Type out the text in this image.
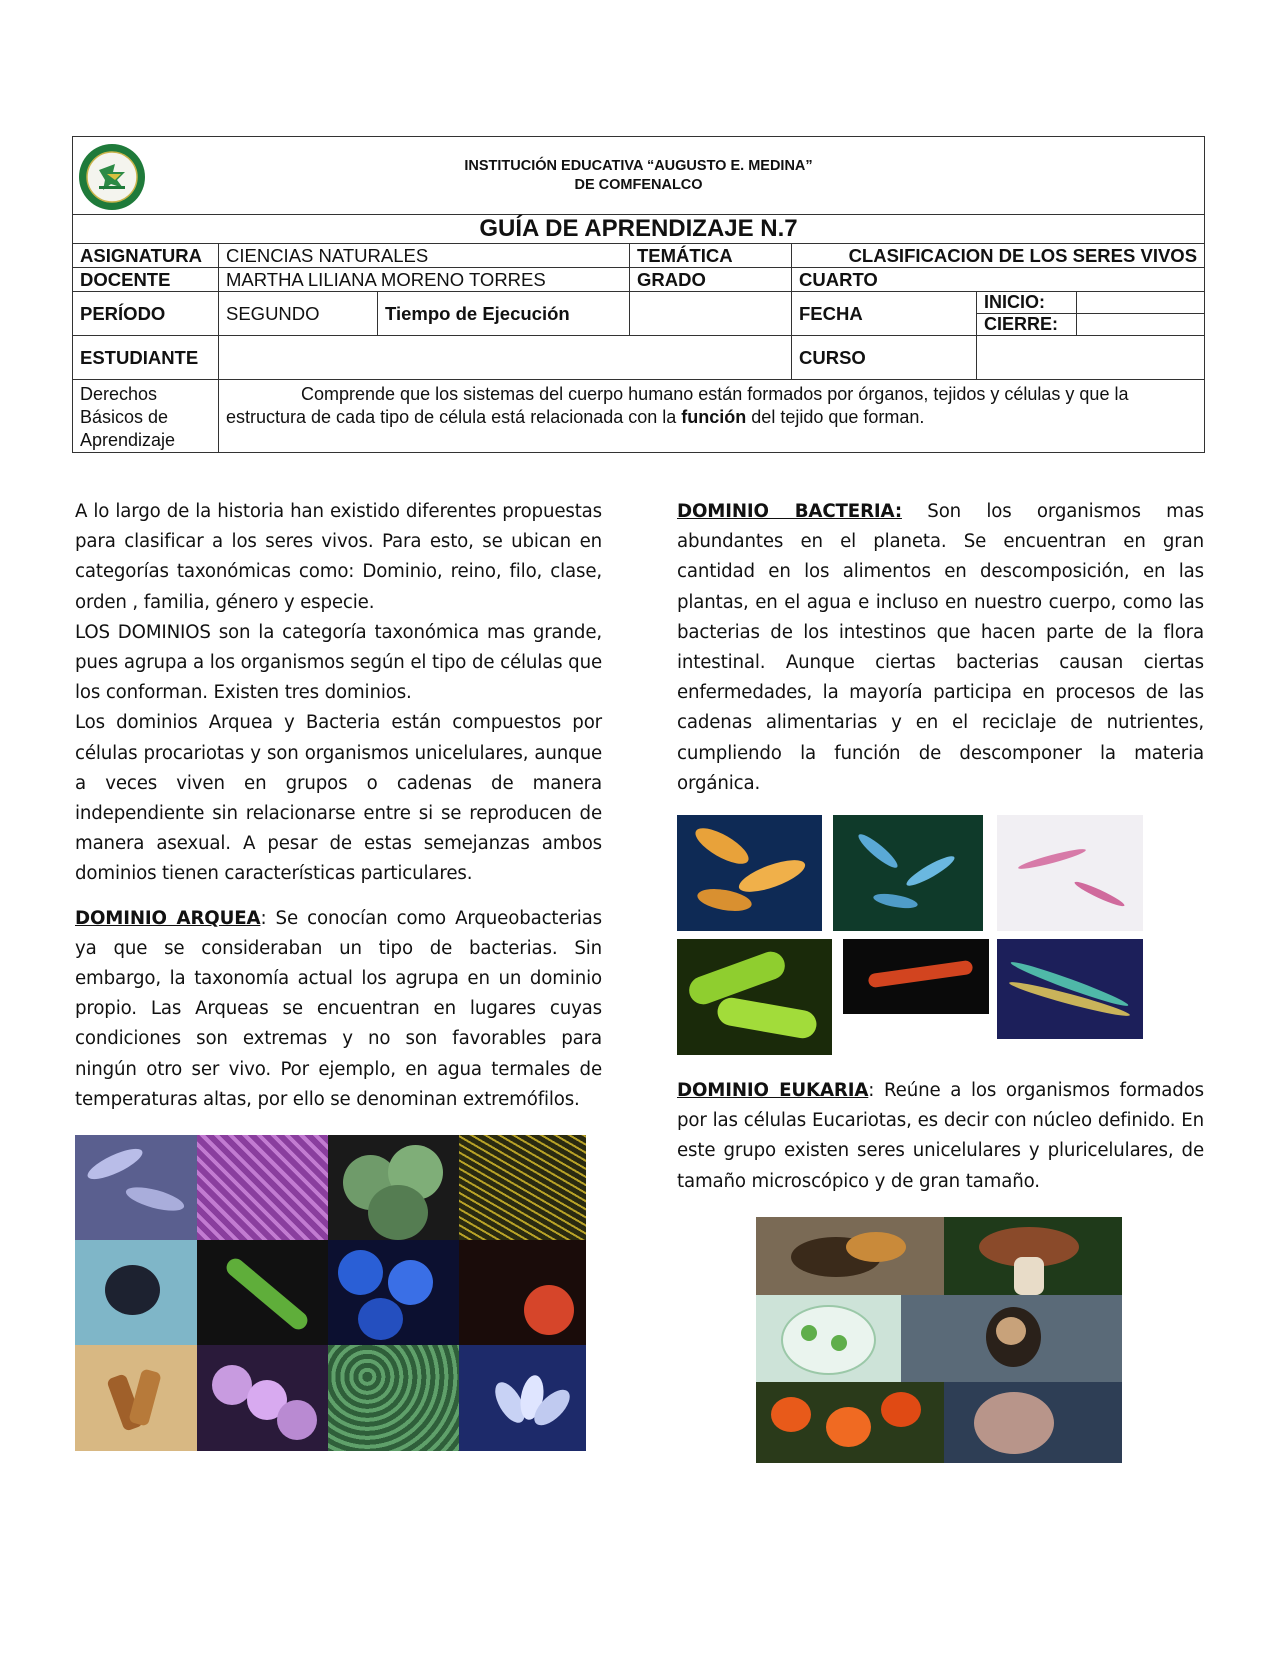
INSTITUCIÓN EDUCATIVA “AUGUSTO E. MEDINA”
DE COMFENALCO						

GUÍA DE APRENDIZAJE N.7						
ASIGNATURA	CIENCIAS NATURALES		TEMÁTICA	CLASIFICACION DE LOS SERES VIVOS		
DOCENTE	MARTHA LILIANA MORENO TORRES		GRADO	CUARTO		
PERÍODO	SEGUNDO	Tiempo de Ejecución		FECHA	INICIO:	
					CIERRE:	
ESTUDIANTE				CURSO		
Derechos Básicos de Aprendizaje	Comprende que los sistemas del cuerpo humano están formados por órganos, tejidos y células y que la estructura de cada tipo de célula está relacionada con la función del tejido que forman.					

A lo largo de la historia han existido diferentes propuestas para clasificar a los seres vivos. Para esto, se ubican en categorías taxonómicas como: Dominio, reino, filo, clase, orden , familia, género y especie.

LOS DOMINIOS son la categoría taxonómica mas grande, pues agrupa a los organismos según el tipo de células que los conforman. Existen tres dominios.

Los dominios Arquea y Bacteria están compuestos por células procariotas y son organismos unicelulares, aunque a veces viven en grupos o cadenas de manera independiente sin relacionarse entre si se reproducen de manera asexual. A pesar de estas semejanzas ambos dominios tienen características particulares.

DOMINIO ARQUEA: Se conocían como Arqueobacterias ya que se consideraban un tipo de bacterias. Sin embargo, la taxonomía actual los agrupa en un dominio propio. Las Arqueas se encuentran en lugares cuyas condiciones son extremas y no son favorables para ningún otro ser vivo. Por ejemplo, en agua termales de temperaturas altas, por ello se denominan extremófilos.

DOMINIO BACTERIA: Son los organismos mas abundantes en el planeta. Se encuentran en gran cantidad en los alimentos en descomposición, en las plantas, en el agua e incluso en nuestro cuerpo, como las bacterias de los intestinos que hacen parte de la flora intestinal. Aunque ciertas bacterias causan ciertas enfermedades, la mayoría participa en procesos de las cadenas alimentarias y en el reciclaje de nutrientes, cumpliendo la función de descomponer la materia orgánica.

DOMINIO EUKARIA: Reúne a los organismos formados por las células Eucariotas, es decir con núcleo definido. En este grupo existen seres unicelulares y pluricelulares, de tamaño microscópico y de gran tamaño.
